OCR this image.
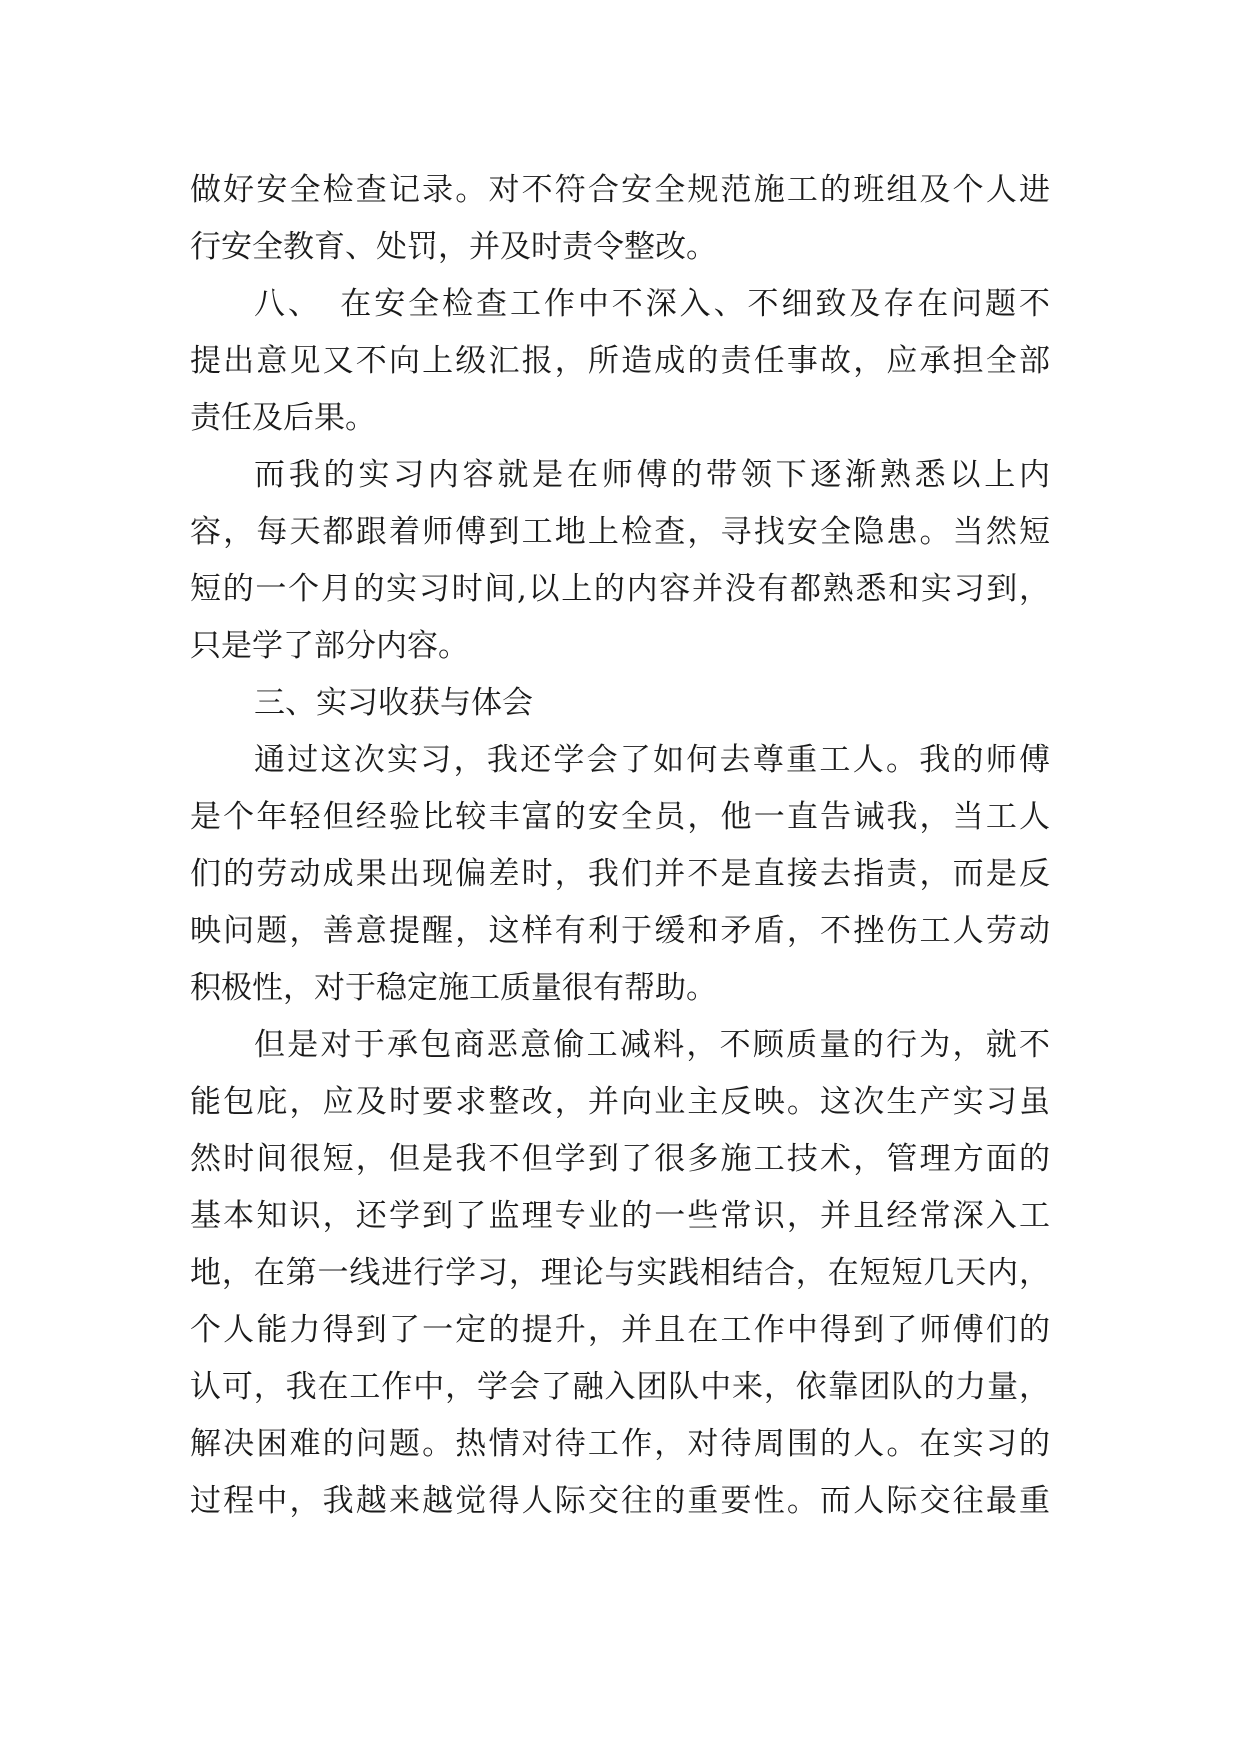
做好安全检查记录。对不符合安全规范施工的班组及个人进
行安全教育、处罚，并及时责令整改。
八、　在安全检查工作中不深入、不细致及存在问题不
提出意见又不向上级汇报，所造成的责任事故，应承担全部
责任及后果。
而我的实习内容就是在师傅的带领下逐渐熟悉以上内
容，每天都跟着师傅到工地上检查，寻找安全隐患。当然短
短的一个月的实习时间,以上的内容并没有都熟悉和实习到，
只是学了部分内容。
三、实习收获与体会
通过这次实习，我还学会了如何去尊重工人。我的师傅
是个年轻但经验比较丰富的安全员，他一直告诫我，当工人
们的劳动成果出现偏差时，我们并不是直接去指责，而是反
映问题，善意提醒，这样有利于缓和矛盾，不挫伤工人劳动
积极性，对于稳定施工质量很有帮助。
但是对于承包商恶意偷工减料，不顾质量的行为，就不
能包庇，应及时要求整改，并向业主反映。这次生产实习虽
然时间很短，但是我不但学到了很多施工技术，管理方面的
基本知识，还学到了监理专业的一些常识，并且经常深入工
地，在第一线进行学习，理论与实践相结合，在短短几天内，
个人能力得到了一定的提升，并且在工作中得到了师傅们的
认可，我在工作中，学会了融入团队中来，依靠团队的力量，
解决困难的问题。热情对待工作，对待周围的人。在实习的
过程中，我越来越觉得人际交往的重要性。而人际交往最重
